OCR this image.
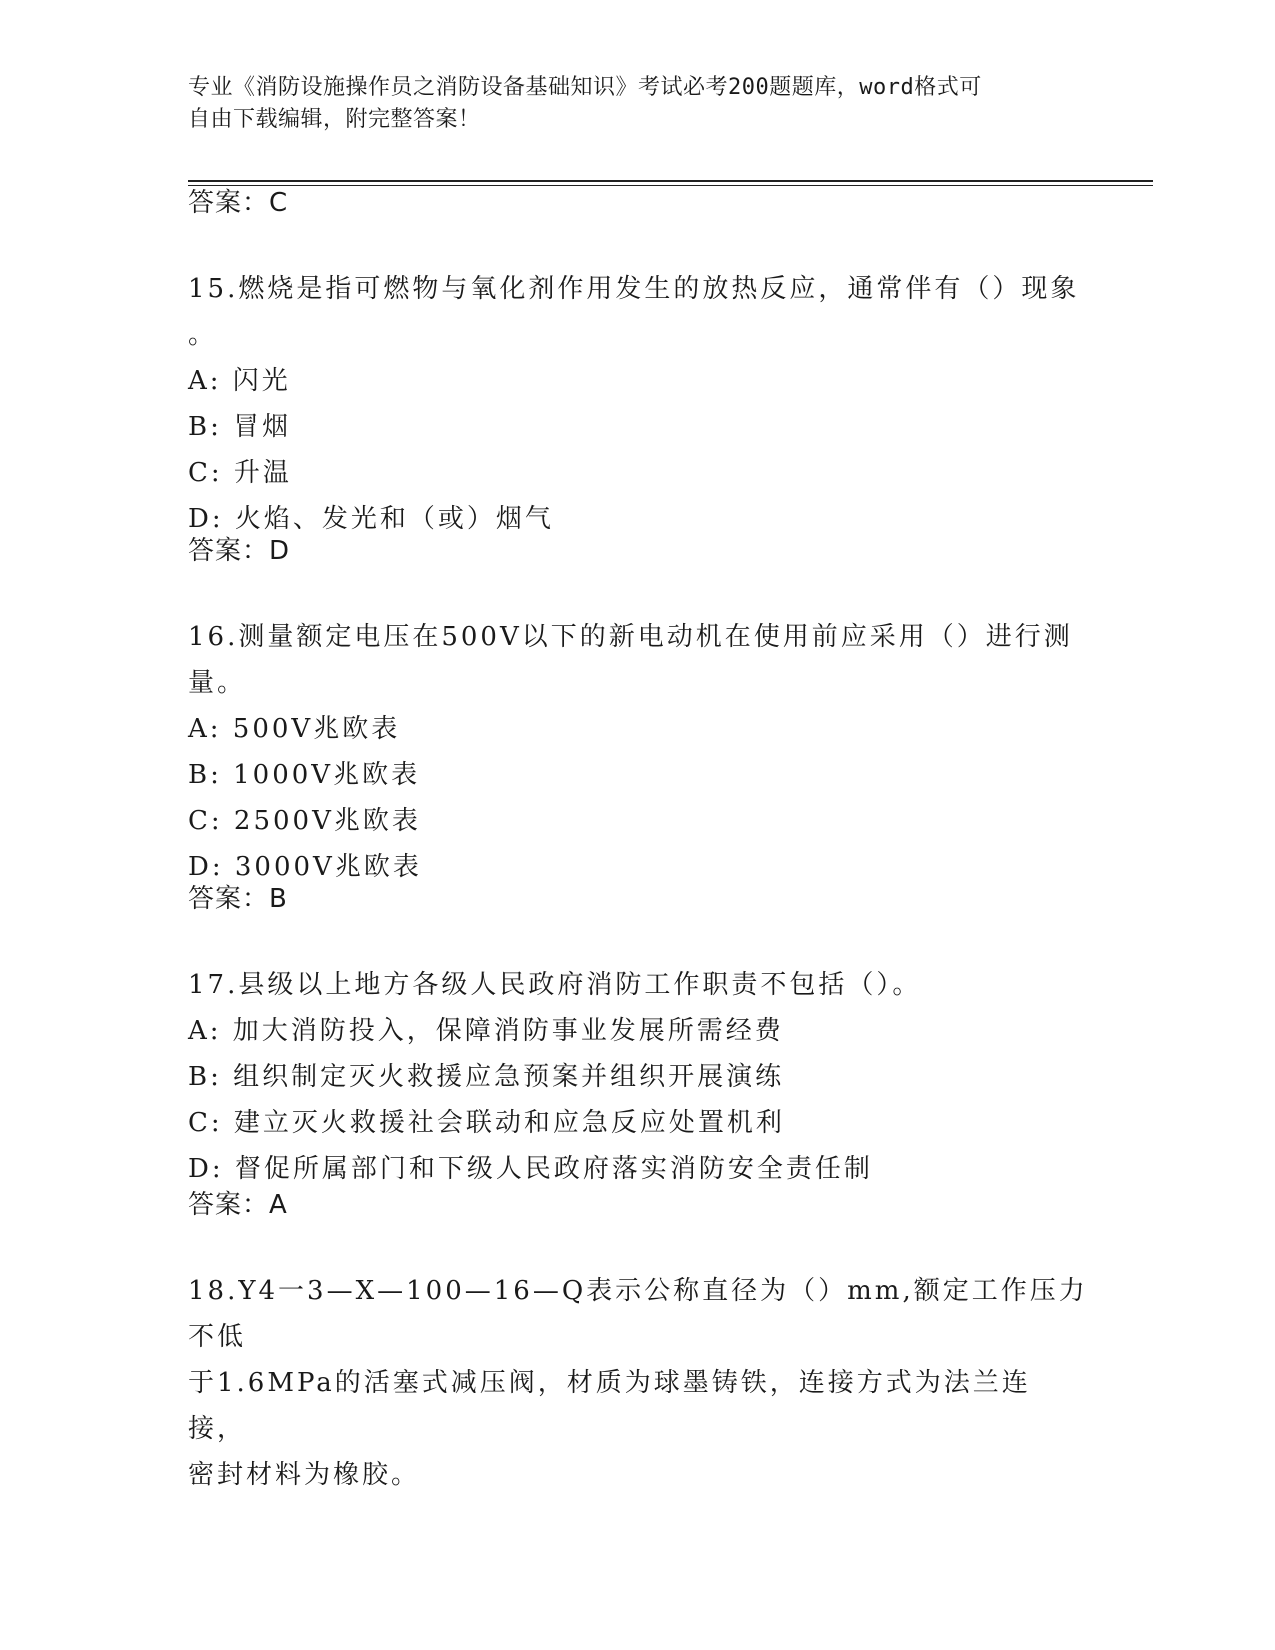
专业《消防设施操作员之消防设备基础知识》考试必考200题题库，word格式可
自由下载编辑，附完整答案！
答案：C
15.燃烧是指可燃物与氧化剂作用发生的放热反应，通常伴有（）现象
。
A: 闪光
B: 冒烟
C: 升温
D: 火焰、发光和（或）烟气
答案：D
16.测量额定电压在500V以下的新电动机在使用前应采用（）进行测
量。
A: 500V兆欧表
B: 1000V兆欧表
C: 2500V兆欧表
D: 3000V兆欧表
答案：B
17.县级以上地方各级人民政府消防工作职责不包括（）。
A: 加大消防投入，保障消防事业发展所需经费
B: 组织制定灭火救援应急预案并组织开展演练
C: 建立灭火救援社会联动和应急反应处置机利
D: 督促所属部门和下级人民政府落实消防安全责任制
答案：A
18.Y4一3—X—100—16—Q表示公称直径为（）mm,额定工作压力不低
于1.6MPa的活塞式减压阀，材质为球墨铸铁，连接方式为法兰连接，
密封材料为橡胶。
